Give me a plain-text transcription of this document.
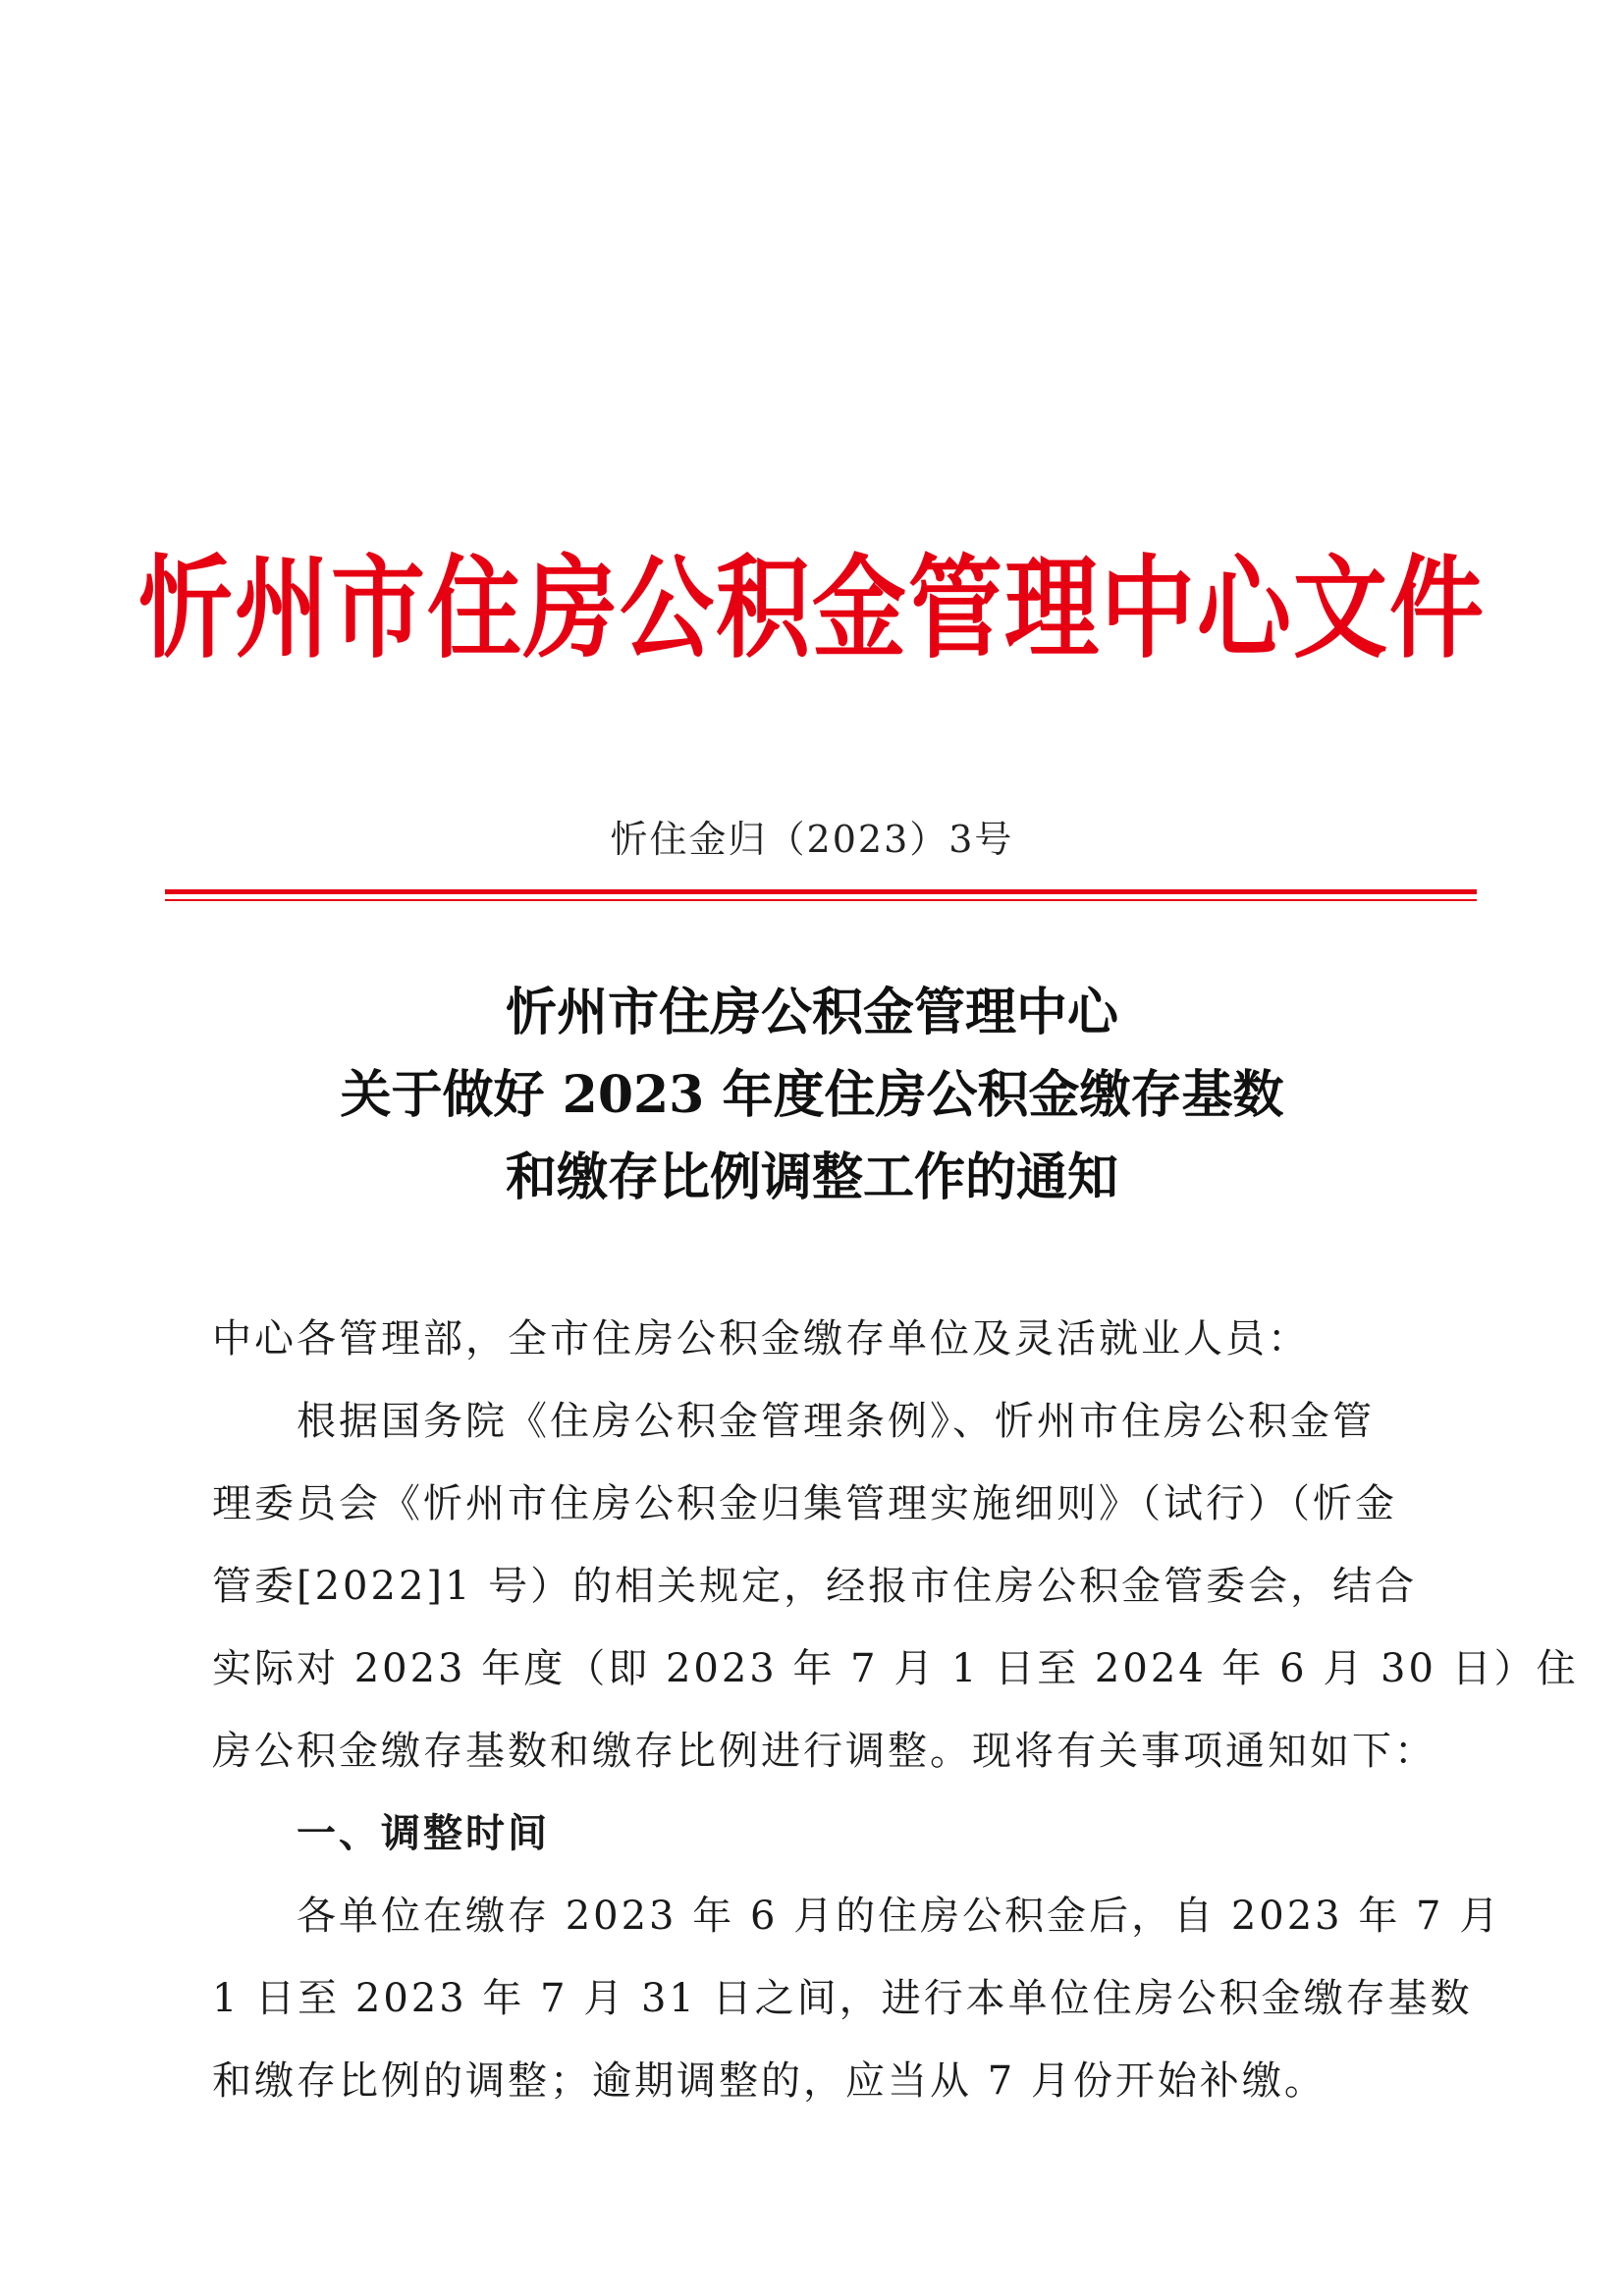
忻州市住房公积金管理中心文件
忻住金归（2023）3号
忻州市住房公积金管理中心
关于做好 2023 年度住房公积金缴存基数
和缴存比例调整工作的通知
中心各管理部，全市住房公积金缴存单位及灵活就业人员：
根据国务院《住房公积金管理条例》、忻州市住房公积金管
理委员会《忻州市住房公积金归集管理实施细则》（试行）（忻金
管委[2022]1 号）的相关规定，经报市住房公积金管委会，结合
实际对 2023 年度（即 2023 年 7 月 1 日至 2024 年 6 月 30 日）住
房公积金缴存基数和缴存比例进行调整。现将有关事项通知如下：
一、调整时间
各单位在缴存 2023 年 6 月的住房公积金后，自 2023 年 7 月
1 日至 2023 年 7 月 31 日之间，进行本单位住房公积金缴存基数
和缴存比例的调整；逾期调整的，应当从 7 月份开始补缴。
